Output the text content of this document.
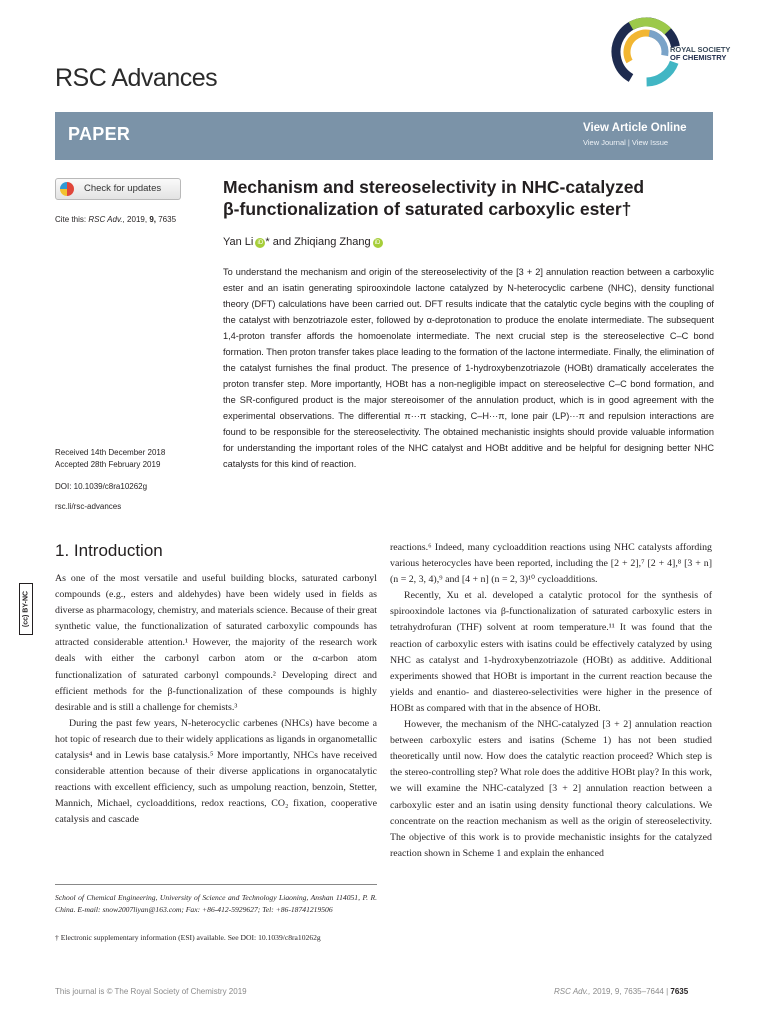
RSC Advances
ROYAL SOCIETY
OF CHEMISTRY
PAPER	View Article Online
View Journal | View Issue
Check for updates
Cite this: RSC Adv., 2019, 9, 7635
Received 14th December 2018
Accepted 28th February 2019
DOI: 10.1039/c8ra10262g
rsc.li/rsc-advances
Mechanism and stereoselectivity in NHC-catalyzed
β-functionalization of saturated carboxylic ester†
Yan Li iD * and Zhiqiang Zhang iD
To understand the mechanism and origin of the stereoselectivity of the [3 + 2] annulation reaction between a carboxylic ester and an isatin generating spirooxindole lactone catalyzed by N-heterocyclic carbene (NHC), density functional theory (DFT) calculations have been carried out. DFT results indicate that the catalytic cycle begins with the coupling of the catalyst with benzotriazole ester, followed by α-deprotonation to produce the enolate intermediate. The subsequent 1,4-proton transfer affords the homoenolate intermediate. The next crucial step is the stereoselective C–C bond formation. Then proton transfer takes place leading to the formation of the lactone intermediate. Finally, the elimination of the catalyst furnishes the final product. The presence of 1-hydroxybenzotriazole (HOBt) dramatically accelerates the proton transfer step. More importantly, HOBt has a non-negligible impact on stereoselective C–C bond formation, and the SR-configured product is the major stereoisomer of the annulation product, which is in good agreement with the experimental observations. The differential π···π stacking, C–H···π, lone pair (LP)···π and repulsion interactions are found to be responsible for the stereoselectivity. The obtained mechanistic insights should provide valuable information for understanding the important roles of the NHC catalyst and HOBt additive and be helpful for designing better NHC catalysts for this kind of reaction.
(cc) BY-NC
1. Introduction

As one of the most versatile and useful building blocks, saturated carbonyl compounds (e.g., esters and aldehydes) have been widely used in fields as diverse as pharmacology, chemistry, and materials science. Because of their great synthetic value, the functionalization of saturated carboxylic compounds has attracted considerable attention.¹ However, the majority of the research work deals with either the carbonyl carbon atom or the α-carbon atom functionalization of saturated carbonyl compounds.² Developing direct and efficient methods for the β-functionalization of these compounds is highly desirable and is still a challenge for chemists.³

During the past few years, N-heterocyclic carbenes (NHCs) have become a hot topic of research due to their widely applications as ligands in organometallic catalysis⁴ and in Lewis base catalysis.⁵ More importantly, NHCs have received considerable attention because of their diverse applications in organocatalytic reactions with excellent efficiency, such as umpolung reaction, benzoin, Stetter, Mannich, Michael, cycloadditions, redox reactions, CO₂ fixation, cooperative catalysis and cascade

reactions.⁶ Indeed, many cycloaddition reactions using NHC catalysts affording various heterocycles have been reported, including the [2 + 2],⁷ [2 + 4],⁸ [3 + n] (n = 2, 3, 4),⁹ and [4 + n] (n = 2, 3)¹⁰ cycloadditions.

Recently, Xu et al. developed a catalytic protocol for the synthesis of spirooxindole lactones via β-functionalization of saturated carboxylic esters in tetrahydrofuran (THF) solvent at room temperature.¹¹ It was found that the reaction of carboxylic esters with isatins could be effectively catalyzed by using NHC as catalyst and 1-hydroxybenzotriazole (HOBt) as additive. Additional experiments showed that HOBt is important in the current reaction because the yields and enantio- and diastereo-selectivities were higher in the presence of HOBt as compared with that in the absence of HOBt.

However, the mechanism of the NHC-catalyzed [3 + 2] annulation reaction between carboxylic esters and isatins (Scheme 1) has not been studied theoretically until now. How does the catalytic reaction proceed? Which step is the stereo-controlling step? What role does the additive HOBt play? In this work, we will examine the NHC-catalyzed [3 + 2] annulation reaction between a carboxylic ester and an isatin using density functional theory calculations. We concentrate on the reaction mechanism as well as the origin of stereoselectivity. The objective of this work is to provide mechanistic insights for the catalyzed reaction shown in Scheme 1 and explain the enhanced

School of Chemical Engineering, University of Science and Technology Liaoning, Anshan 114051, P. R. China. E-mail: snow2007liyan@163.com; Fax: +86-412-5929627; Tel: +86-18741219506
† Electronic supplementary information (ESI) available. See DOI: 10.1039/c8ra10262g
This journal is © The Royal Society of Chemistry 2019	RSC Adv., 2019, 9, 7635–7644 | 7635
